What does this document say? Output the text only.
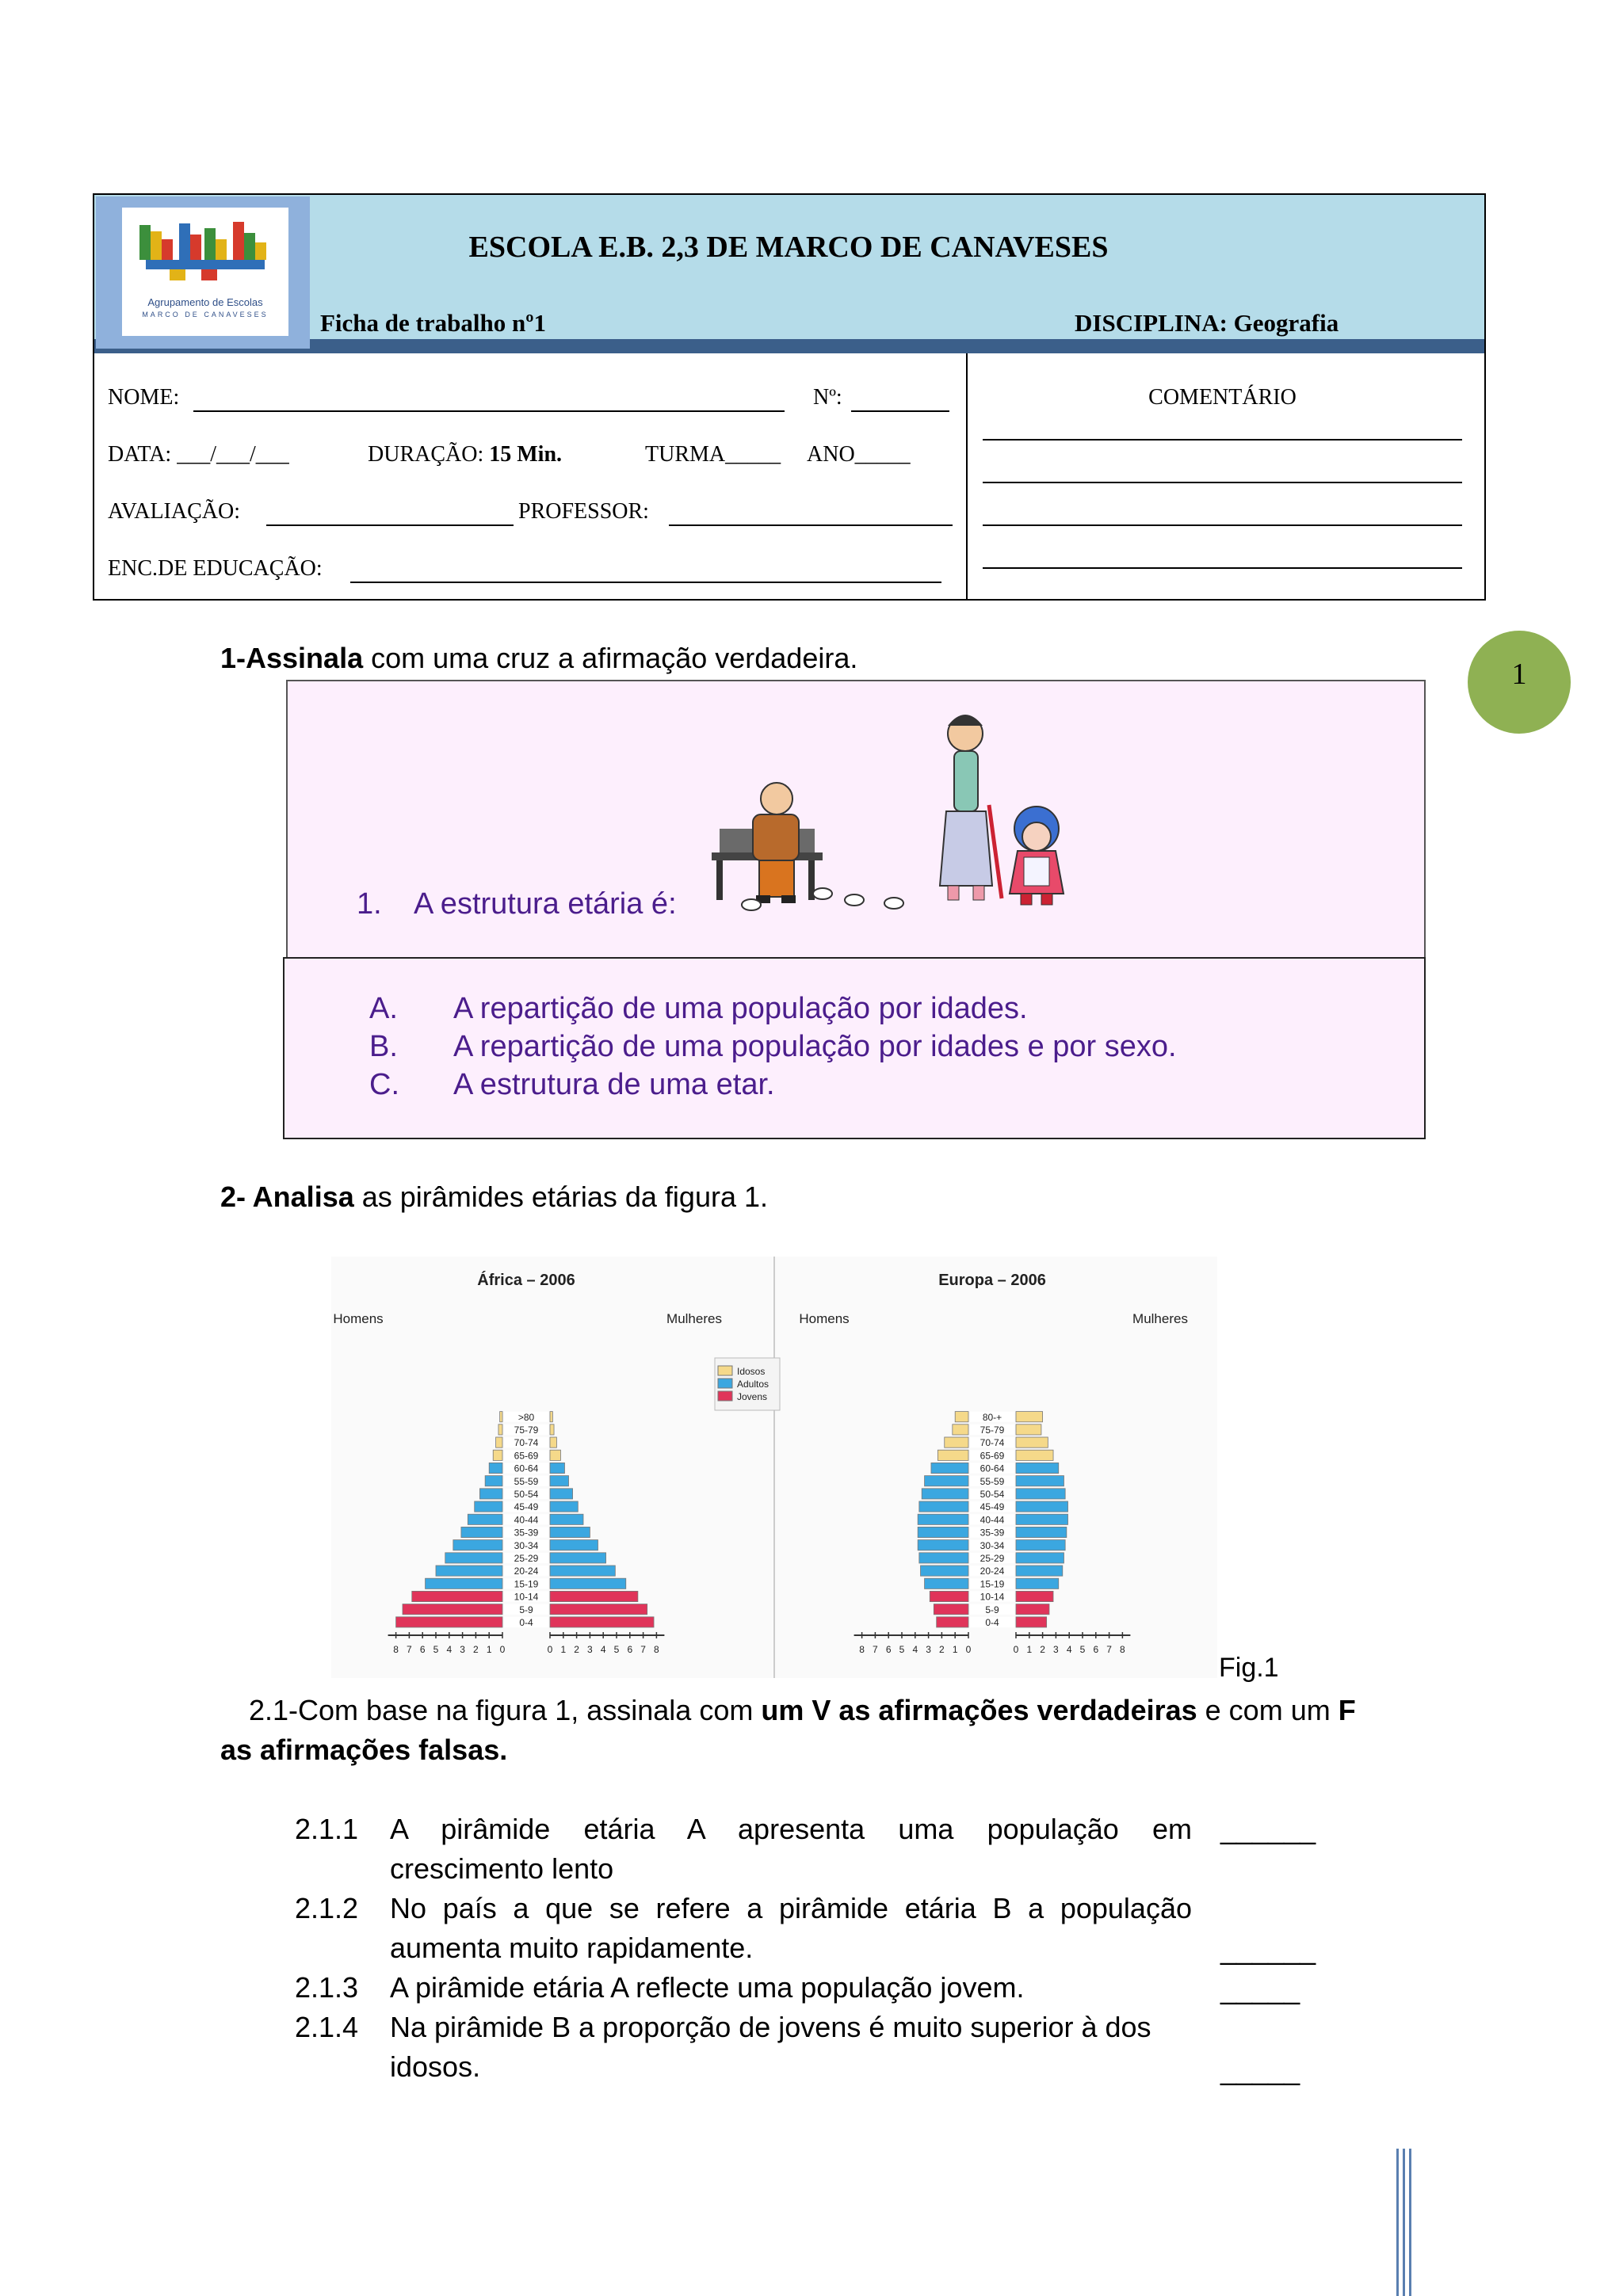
Agrupamento de Escolas
MARCO DE CANAVESES
ESCOLA E.B. 2,3 DE MARCO DE CANAVESES
Ficha de trabalho nº1	DISCIPLINA: Geografia
NOME:	Nº:
DATA: ___/___/___	DURAÇÃO: 15 Min.	TURMA_____ ANO_____
AVALIAÇÃO:	PROFESSOR:
ENC.DE EDUCAÇÃO:
COMENTÁRIO
1
1-Assinala com uma cruz a afirmação verdadeira.
1. A estrutura etária é:
A. A repartição de uma população por idades.
B. A repartição de uma população por idades e por sexo.
C. A estrutura de uma etar.
2- Analisa as pirâmides etárias da figura 1.
África – 2006
Homens	Mulheres
0-4
5-9
10-14
15-19
20-24
25-29
30-34
35-39
40-44
45-49
50-54
55-59
60-64
65-69
70-74
75-79
>80
8	8
7	7
6	6
5	5
4	4
3	3
2	2
1	1
0	0
Europa – 2006
Homens	Mulheres
0-4
5-9
10-14
15-19
20-24
25-29
30-34
35-39
40-44
45-49
50-54
55-59
60-64
65-69
70-74
75-79
80-+
8	8
7	7
6	6
5	5
4	4
3	3
2	2
1	1
0	0
Idosos
Adultos
Jovens
Fig.1
2.1-Com base na figura 1, assinala com um V as afirmações verdadeiras e com um F
as afirmações falsas.
2.1.1 A pirâmide etária A apresenta uma população em
crescimento lento
______
2.1.2 No país a que se refere a pirâmide etária B a população
aumenta muito rapidamente.	______
2.1.3 A pirâmide etária A reflecte uma população jovem.	_____
2.1.4 Na pirâmide B a proporção de jovens é muito superior à dos
idosos.	_____
